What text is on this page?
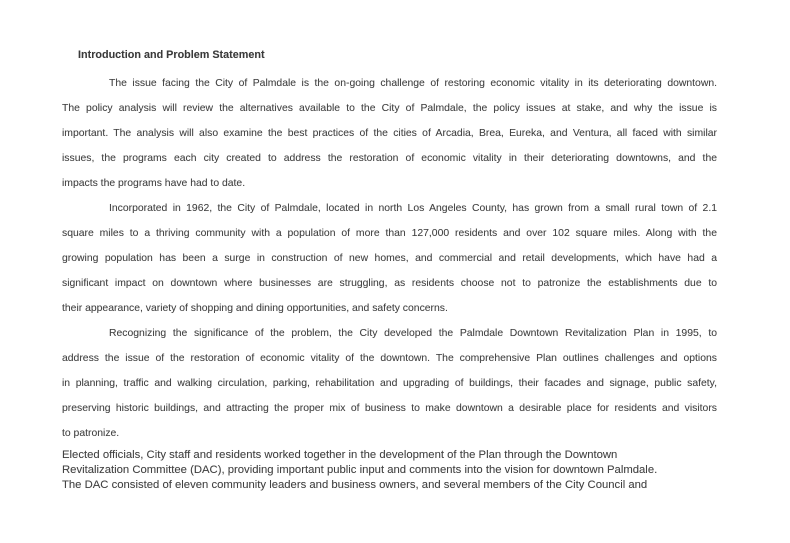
Introduction and Problem Statement
The issue facing the City of Palmdale is the on-going challenge of restoring economic vitality in its deteriorating downtown.
The policy analysis will review the alternatives available to the City of Palmdale, the policy issues at stake, and why the issue is
important. The analysis will also examine the best practices of the cities of Arcadia, Brea, Eureka, and Ventura, all faced with similar
issues, the programs each city created to address the restoration of economic vitality in their deteriorating downtowns, and the
impacts the programs have had to date.
Incorporated in 1962, the City of Palmdale, located in north Los Angeles County, has grown from a small rural town of 2.1
square miles to a thriving community with a population of more than 127,000 residents and over 102 square miles. Along with the
growing population has been a surge in construction of new homes, and commercial and retail developments, which have had a
significant impact on downtown where businesses are struggling, as residents choose not to patronize the establishments due to
their appearance, variety of shopping and dining opportunities, and safety concerns.
Recognizing the significance of the problem, the City developed the Palmdale Downtown Revitalization Plan in 1995, to
address the issue of the restoration of economic vitality of the downtown. The comprehensive Plan outlines challenges and options
in planning, traffic and walking circulation, parking, rehabilitation and upgrading of buildings, their facades and signage, public safety,
preserving historic buildings, and attracting the proper mix of business to make downtown a desirable place for residents and visitors
to patronize.
Elected officials, City staff and residents worked together in the development of the Plan through the Downtown
Revitalization Committee (DAC), providing important public input and comments into the vision for downtown Palmdale.
The DAC consisted of eleven community leaders and business owners, and several members of the City Council and
